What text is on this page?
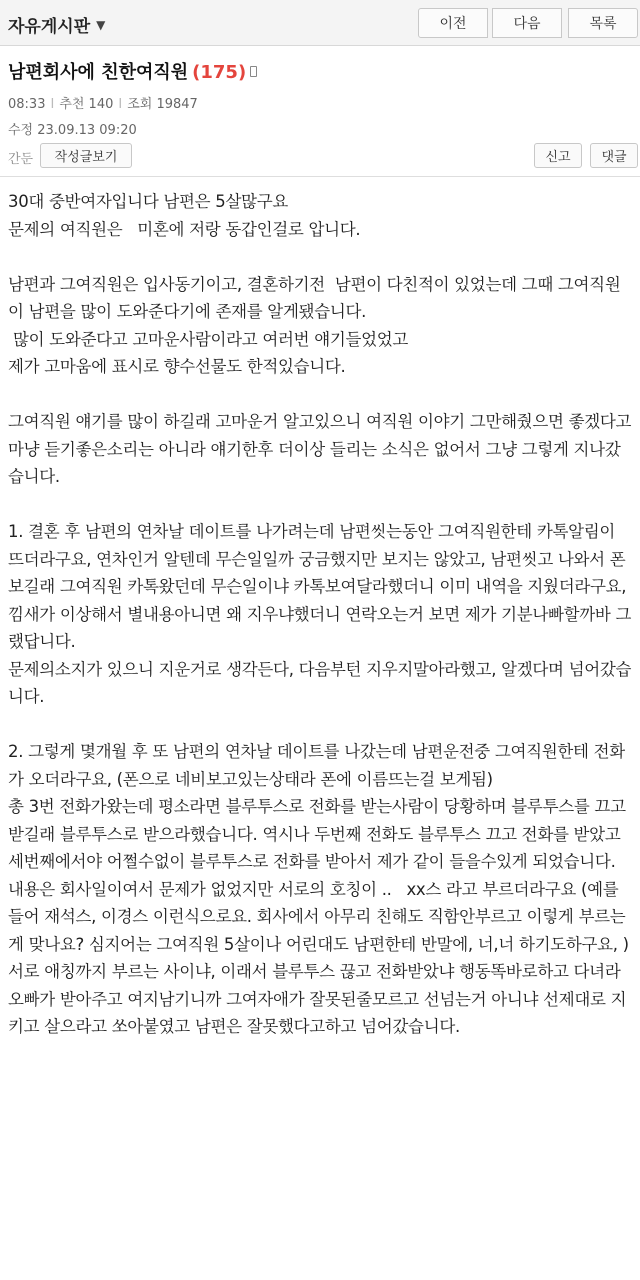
자유게시판 ▼	이전	다음	목록
남편회사에 친한여직원 (175)
08:33 I 추천 140 I 조회 19847
수정 23.09.13 09:20
간둔	작성글보기	신고	댓글

30대 중반여자입니다 남편은 5살많구요
문제의 여직원은   미혼에 저랑 동갑인걸로 압니다.

남편과 그여직원은 입사동기이고, 결혼하기전  남편이 다친적이 있었는데 그때 그여직원이 남편을 많이 도와준다기에 존재를 알게됐습니다.
많이 도와준다고 고마운사람이라고 여러번 얘기들었었고
제가 고마움에 표시로 향수선물도 한적있습니다.

그여직원 얘기를 많이 하길래 고마운거 알고있으니 여직원 이야기 그만해줬으면 좋겠다고 마냥 듣기좋은소리는 아니라 얘기한후 더이상 들리는 소식은 없어서 그냥 그렇게 지나갔습니다.

1. 결혼 후 남편의 연차날 데이트를 나가려는데 남편씻는동안 그여직원한테 카톡알림이 뜨더라구요, 연차인거 알텐데 무슨일일까 궁금했지만 보지는 않았고, 남편씻고 나와서 폰보길래 그여직원 카톡왔던데 무슨일이냐 카톡보여달라했더니 이미 내역을 지웠더라구요, 낌새가 이상해서 별내용아니면 왜 지우냐했더니 연락오는거 보면 제가 기분나빠할까바 그랬답니다.
문제의소지가 있으니 지운거로 생각든다, 다음부턴 지우지말아라했고, 알겠다며 넘어갔습니다.

2. 그렇게 몇개월 후 또 남편의 연차날 데이트를 나갔는데 남편운전중 그여직원한테 전화가 오더라구요, (폰으로 네비보고있는상태라 폰에 이름뜨는걸 보게됨)
총 3번 전화가왔는데 평소라면 블루투스로 전화를 받는사람이 당황하며 블루투스를 끄고 받길래 블루투스로 받으라했습니다. 역시나 두번째 전화도 블루투스 끄고 전화를 받았고 세번째에서야 어쩔수없이 블루투스로 전화를 받아서 제가 같이 들을수있게 되었습니다. 내용은 회사일이여서 문제가 없었지만 서로의 호칭이 ..   xx스 라고 부르더라구요 (예를들어 재석스, 이경스 이런식으로요. 회사에서 아무리 친해도 직함안부르고 이렇게 부르는게 맞나요? 심지어는 그여직원 5살이나 어린대도 남편한테 반말에, 너,너 하기도하구요, )
서로 애칭까지 부르는 사이냐, 이래서 블루투스 끊고 전화받았냐 행동똑바로하고 다녀라 오빠가 받아주고 여지남기니까 그여자애가 잘못된줄모르고 선넘는거 아니냐 선제대로 지키고 살으라고 쏘아붙였고 남편은 잘못했다고하고 넘어갔습니다.
